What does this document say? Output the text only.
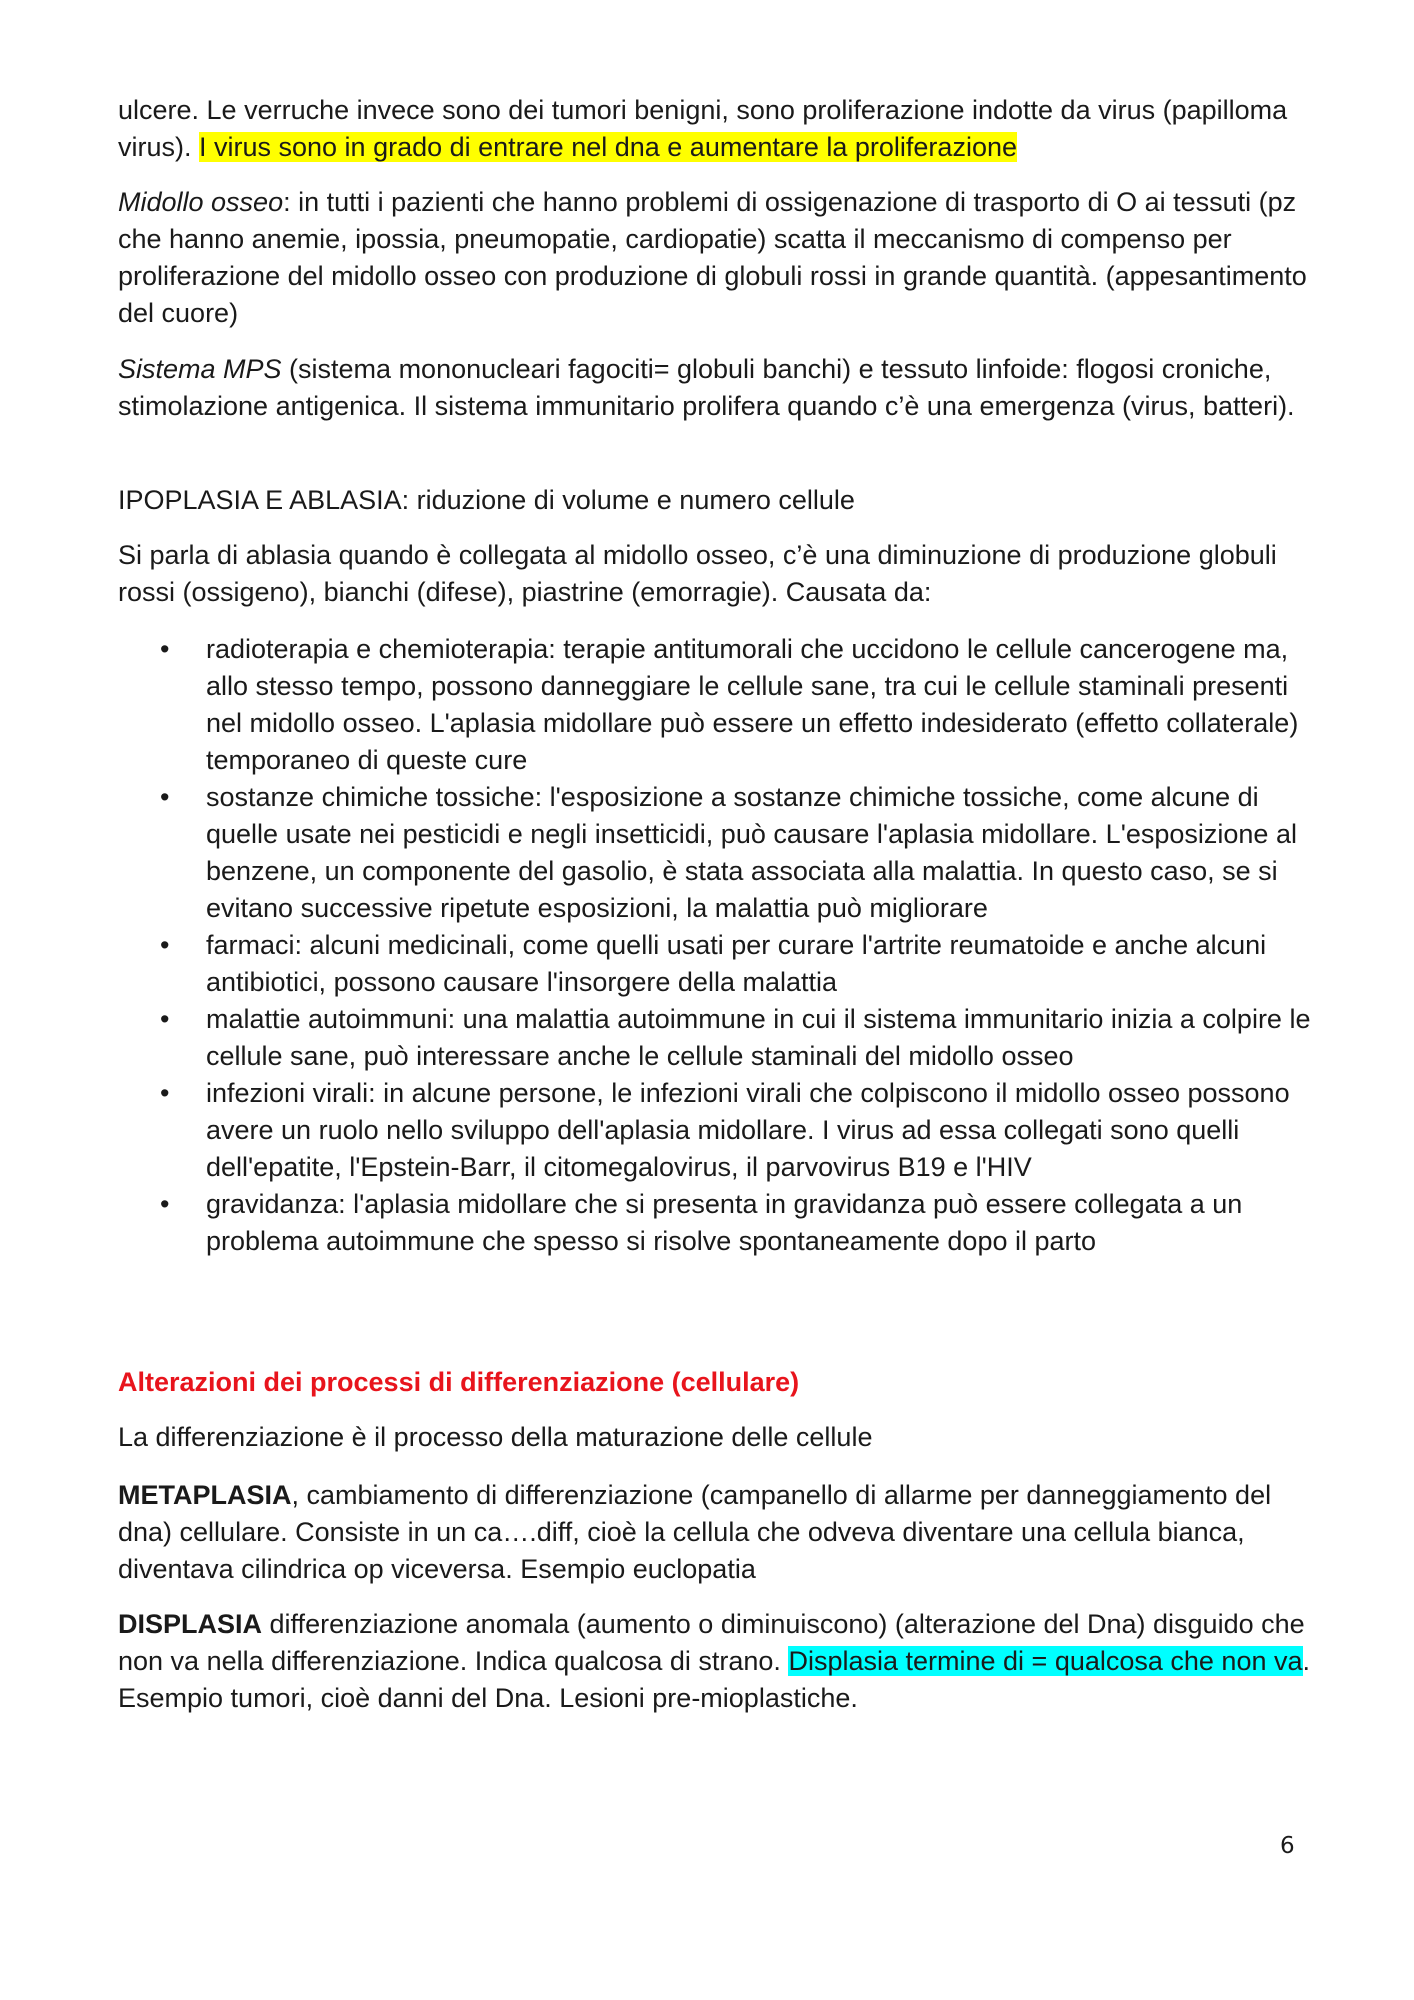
ulcere. Le verruche invece sono dei tumori benigni, sono proliferazione indotte da virus (papilloma virus). I virus sono in grado di entrare nel dna e aumentare la proliferazione

Midollo osseo: in tutti i pazienti che hanno problemi di ossigenazione di trasporto di O ai tessuti (pz che hanno anemie, ipossia, pneumopatie, cardiopatie) scatta il meccanismo di compenso per proliferazione del midollo osseo con produzione di globuli rossi in grande quantità. (appesantimento del cuore)

Sistema MPS (sistema mononucleari fagociti= globuli banchi) e tessuto linfoide: flogosi croniche, stimolazione antigenica. Il sistema immunitario prolifera quando c’è una emergenza (virus, batteri).

IPOPLASIA E ABLASIA: riduzione di volume e numero cellule

Si parla di ablasia quando è collegata al midollo osseo, c’è una diminuzione di produzione globuli rossi (ossigeno), bianchi (difese), piastrine (emorragie). Causata da:

• radioterapia e chemioterapia: terapie antitumorali che uccidono le cellule cancerogene ma, allo stesso tempo, possono danneggiare le cellule sane, tra cui le cellule staminali presenti nel midollo osseo. L'aplasia midollare può essere un effetto indesiderato (effetto collaterale) temporaneo di queste cure
• sostanze chimiche tossiche: l'esposizione a sostanze chimiche tossiche, come alcune di quelle usate nei pesticidi e negli insetticidi, può causare l'aplasia midollare. L'esposizione al benzene, un componente del gasolio, è stata associata alla malattia. In questo caso, se si evitano successive ripetute esposizioni, la malattia può migliorare
• farmaci: alcuni medicinali, come quelli usati per curare l'artrite reumatoide e anche alcuni antibiotici, possono causare l'insorgere della malattia
• malattie autoimmuni: una malattia autoimmune in cui il sistema immunitario inizia a colpire le cellule sane, può interessare anche le cellule staminali del midollo osseo
• infezioni virali: in alcune persone, le infezioni virali che colpiscono il midollo osseo possono avere un ruolo nello sviluppo dell'aplasia midollare. I virus ad essa collegati sono quelli dell'epatite, l'Epstein-Barr, il citomegalovirus, il parvovirus B19 e l'HIV
• gravidanza: l'aplasia midollare che si presenta in gravidanza può essere collegata a un problema autoimmune che spesso si risolve spontaneamente dopo il parto

Alterazioni dei processi di differenziazione (cellulare)

La differenziazione è il processo della maturazione delle cellule

METAPLASIA, cambiamento di differenziazione (campanello di allarme per danneggiamento del dna) cellulare. Consiste in un ca….diff, cioè la cellula che odveva diventare una cellula bianca, diventava cilindrica op viceversa. Esempio euclopatia

DISPLASIA differenziazione anomala (aumento o diminuiscono) (alterazione del Dna) disguido che non va nella differenziazione. Indica qualcosa di strano. Displasia termine di = qualcosa che non va. Esempio tumori, cioè danni del Dna. Lesioni pre-mioplastiche.

6
